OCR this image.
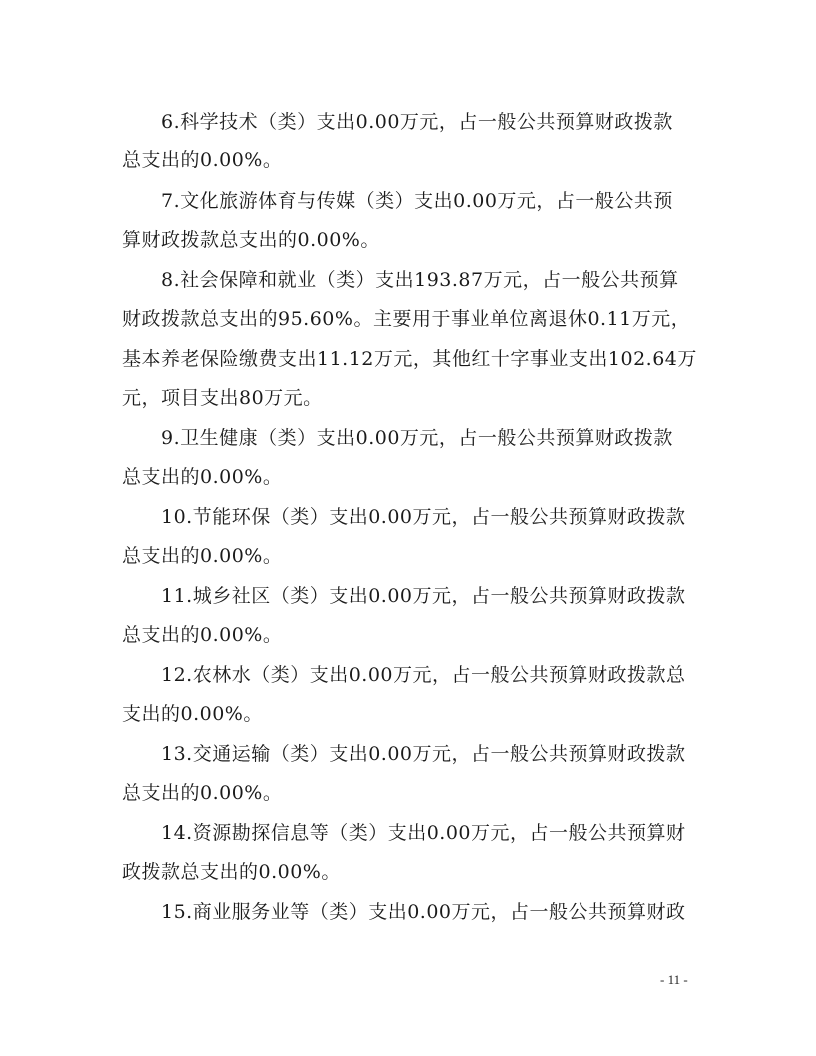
6.科学技术（类）支出0.00万元，占一般公共预算财政拨款
总支出的0.00%。
7.文化旅游体育与传媒（类）支出0.00万元，占一般公共预
算财政拨款总支出的0.00%。
8.社会保障和就业（类）支出193.87万元，占一般公共预算
财政拨款总支出的95.60%。主要用于事业单位离退休0.11万元，
基本养老保险缴费支出11.12万元，其他红十字事业支出102.64万
元，项目支出80万元。
9.卫生健康（类）支出0.00万元，占一般公共预算财政拨款
总支出的0.00%。
10.节能环保（类）支出0.00万元，占一般公共预算财政拨款
总支出的0.00%。
11.城乡社区（类）支出0.00万元，占一般公共预算财政拨款
总支出的0.00%。
12.农林水（类）支出0.00万元，占一般公共预算财政拨款总
支出的0.00%。
13.交通运输（类）支出0.00万元，占一般公共预算财政拨款
总支出的0.00%。
14.资源勘探信息等（类）支出0.00万元，占一般公共预算财
政拨款总支出的0.00%。
15.商业服务业等（类）支出0.00万元，占一般公共预算财政
- 11 -
